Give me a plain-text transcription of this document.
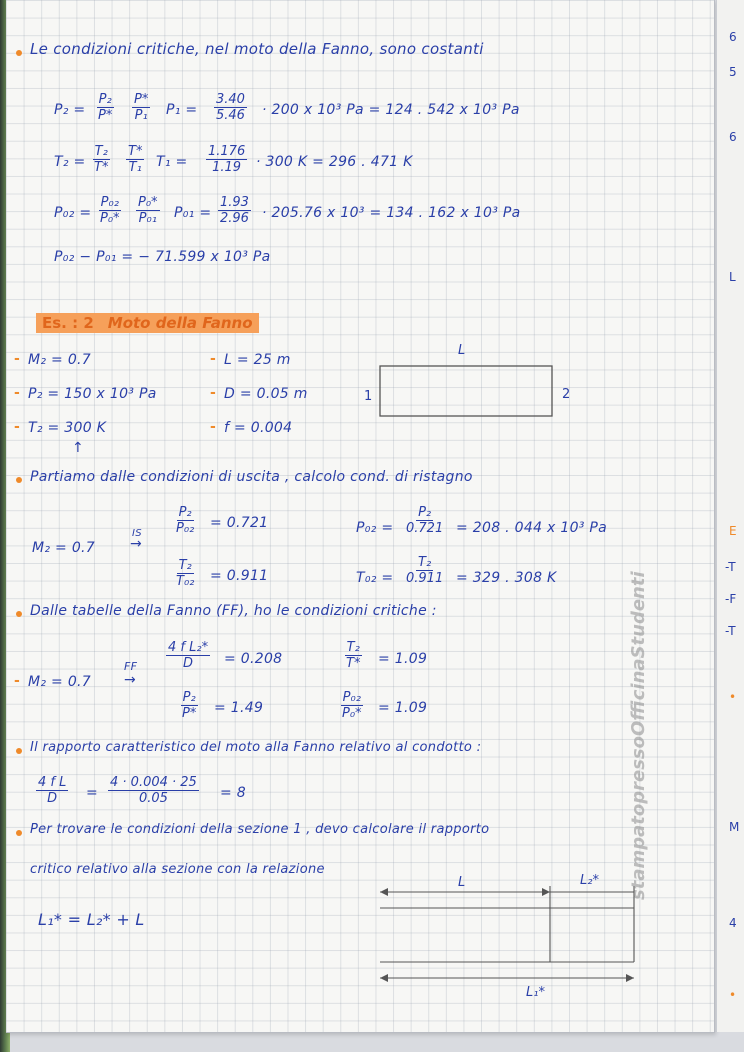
Le condizioni critiche, nel moto della Fanno, sono costanti
$P_2 = \frac{\text{P₂}}{P*} \frac{P*}{\text{P₁}} P_1 = \frac{3.40}{5.46} \cdot 200$ x 10³ Pa = 124 . 542 x 10³ Pa
$T_2 = \frac{\text{T₂}}{T*} \frac{T*}{\text{T₁}} T_1 = \frac{1.176}{1.19} \cdot 300$ K = 296 . 471 K
$P_{02} = \frac{\text{P₀₂}}{\text{P₀*}} \frac{\text{P₀*}}{\text{P₀₁}} P_{01} = \frac{1.93}{2.96} \cdot 205.76$ x 10³ = 134 . 162 x 10³ Pa
P₀₂ − P₀₁ = − 71.599 x 10³ Pa
Es. : 2 Moto della Fanno
- M₂ = 0.7
- P₂ = 150 x 10³ Pa
- T₂ = 300 K
↑
- L = 25 m
- D = 0.05 m
- f = 0.004
L
1	2
Partiamo dalle condizioni di uscita , calcolo cond. di ristagno
M₂ = 0.7
IS
→
$\frac{\text{P₂}}{\text{P₀₂}} = 0.721$
$\frac{\text{T₂}}{\text{T₀₂}} = 0.911$
$P_{02} = \frac{\text{P₂}}{0.721} = 208$ . 044 x 10³ Pa
$T_{02} = \frac{\text{T₂}}{0.911} = 329$ . 308 K
Dalle tabelle della Fanno (FF), ho le condizioni critiche :
- M₂ = 0.7
FF
→
$\frac{\text{4 f L₂*}}{D} = 0.208$	$\frac{\text{T₂}}{T*} = 1.09$
$\frac{\text{P₂}}{P*} = 1.49$	$\frac{\text{P₀₂}}{\text{P₀*}} = 1.09$
Il rapporto caratteristico del moto alla Fanno relativo al condotto :
$\frac{\text{4 f L}}{D} = \frac{4 \cdot 0.004 \cdot 25}{0.05} = 8$
Per trovare le condizioni della sezione 1 , devo calcolare il rapporto
critico relativo alla sezione con la relazione
L₁* = L₂* + L
L	L₂*
L₁*
stampatopressoOfficinaStudenti
6
5
6
L
E
-T
-F
-T
•
M
4
•
